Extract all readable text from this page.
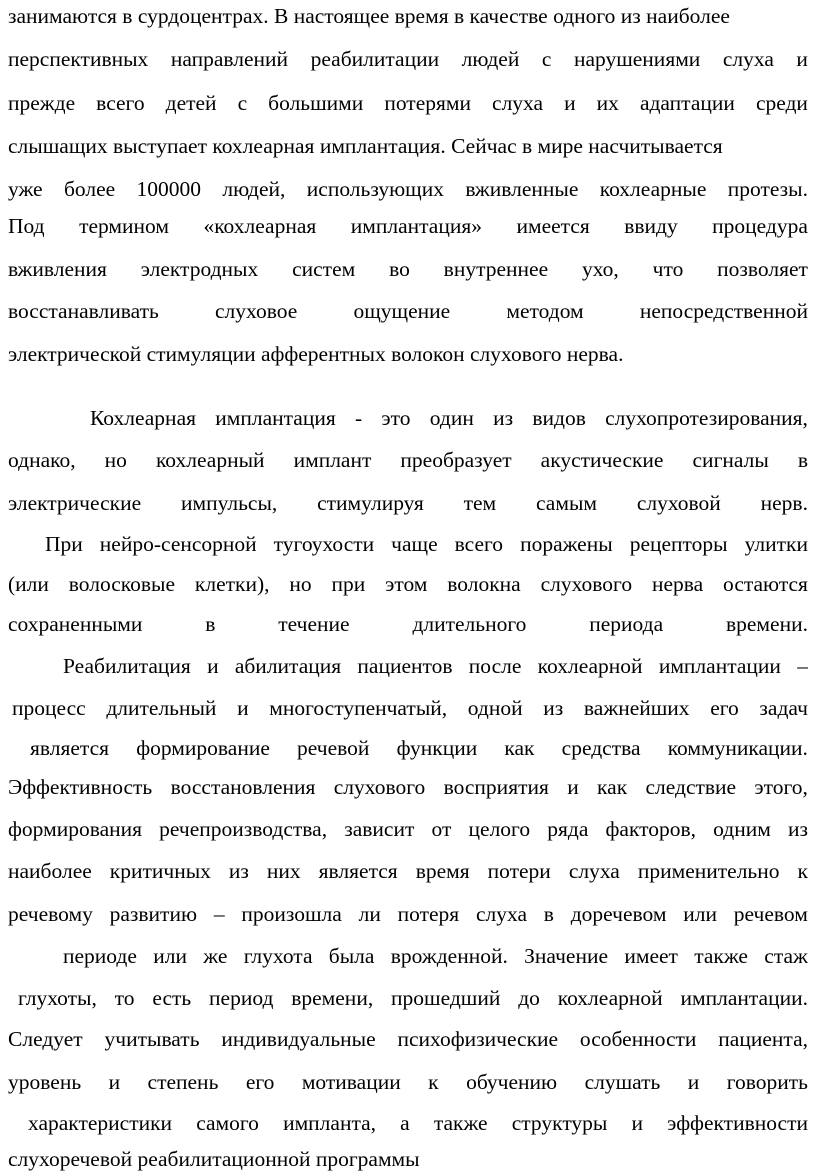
занимаются в сурдоцентрах. В настоящее время в качестве одного из наиболее
перспективных направлений реабилитации людей с нарушениями слуха и
прежде всего детей с большими потерями слуха и их адаптации среди
слышащих выступает кохлеарная имплантация. Сейчас в мире насчитывается
уже более 100000 людей, использующих вживленные кохлеарные протезы.
Под термином «кохлеарная имплантация» имеется ввиду процедура
вживления электродных систем во внутреннее ухо, что позволяет
восстанавливать	слуховое	ощущение	методом	непосредственной
электрической стимуляции афферентных волокон слухового нерва.
Кохлеарная имплантация - это один из видов слухопротезирования,
однако, но кохлеарный имплант преобразует акустические сигналы в
электрические импульсы, стимулируя тем самым слуховой нерв.
При нейро-сенсорной тугоухости чаще всего поражены рецепторы улитки
(или волосковые клетки), но при этом волокна слухового нерва остаются
сохраненными	в	течение	длительного	периода	времени.
Реабилитация и абилитация пациентов после кохлеарной имплантации –
процесс длительный и многоступенчатый, одной из важнейших его задач
является формирование речевой функции как средства коммуникации.
Эффективность восстановления слухового восприятия и как следствие этого,
формирования речепроизводства, зависит от целого ряда факторов, одним из
наиболее критичных из них является время потери слуха применительно к
речевому развитию – произошла ли потеря слуха в доречевом или речевом
периоде или же глухота была врожденной. Значение имеет также стаж
глухоты, то есть период времени, прошедший до кохлеарной имплантации.
Следует учитывать индивидуальные психофизические особенности пациента,
уровень и степень его мотивации к обучению слушать и говорить
характеристики самого импланта, а также структуры и эффективности
слухоречевой реабилитационной программы
